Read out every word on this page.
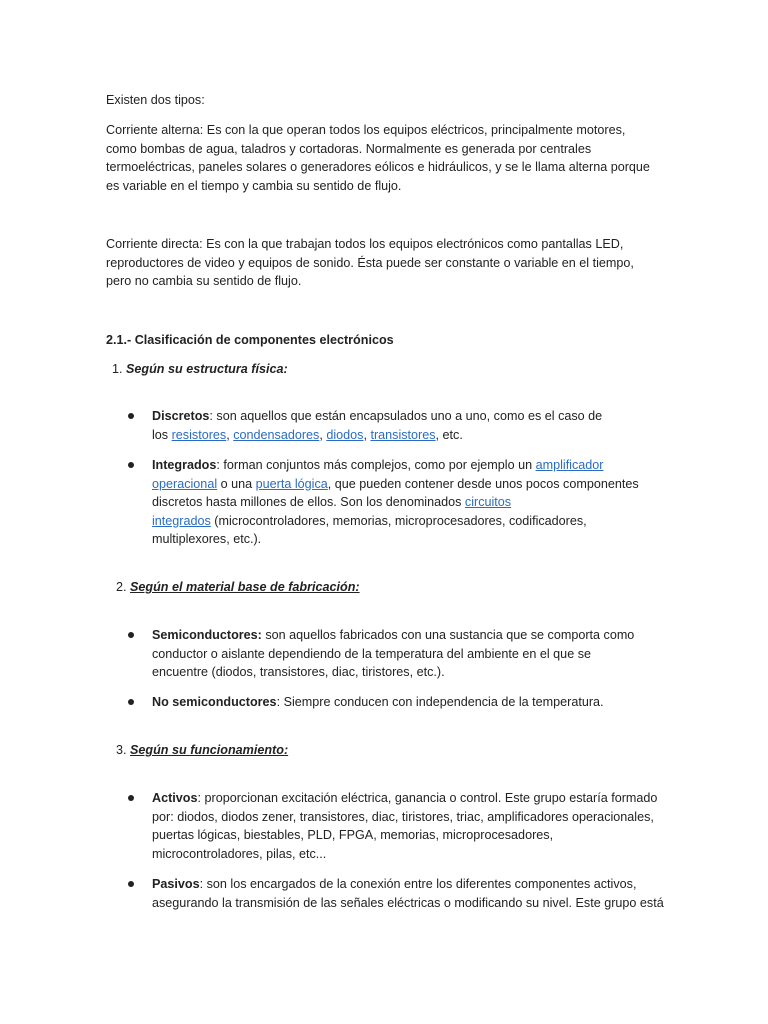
Existen dos tipos:

Corriente alterna: Es con la que operan todos los equipos eléctricos, principalmente motores,
como bombas de agua, taladros y cortadoras. Normalmente es generada por centrales
termoeléctricas, paneles solares o generadores eólicos e hidráulicos, y se le llama alterna porque
es variable en el tiempo y cambia su sentido de flujo.

Corriente directa: Es con la que trabajan todos los equipos electrónicos como pantallas LED,
reproductores de video y equipos de sonido. Ésta puede ser constante o variable en el tiempo,
pero no cambia su sentido de flujo.

2.1.- Clasificación de componentes electrónicos

1. Según su estructura física:
Discretos: son aquellos que están encapsulados uno a uno, como es el caso de
los resistores, condensadores, diodos, transistores, etc.
Integrados: forman conjuntos más complejos, como por ejemplo un amplificador
operacional o una puerta lógica, que pueden contener desde unos pocos componentes
discretos hasta millones de ellos. Son los denominados circuitos
integrados (microcontroladores, memorias, microprocesadores, codificadores,
multiplexores, etc.).
2. Según el material base de fabricación:
Semiconductores: son aquellos fabricados con una sustancia que se comporta como
conductor o aislante dependiendo de la temperatura del ambiente en el que se
encuentre (diodos, transistores, diac, tiristores, etc.).
No semiconductores: Siempre conducen con independencia de la temperatura.
3. Según su funcionamiento:
Activos: proporcionan excitación eléctrica, ganancia o control. Este grupo estaría formado
por: diodos, diodos zener, transistores, diac, tiristores, triac, amplificadores operacionales,
puertas lógicas, biestables, PLD, FPGA, memorias, microprocesadores,
microcontroladores, pilas, etc...
Pasivos: son los encargados de la conexión entre los diferentes componentes activos,
asegurando la transmisión de las señales eléctricas o modificando su nivel. Este grupo está
